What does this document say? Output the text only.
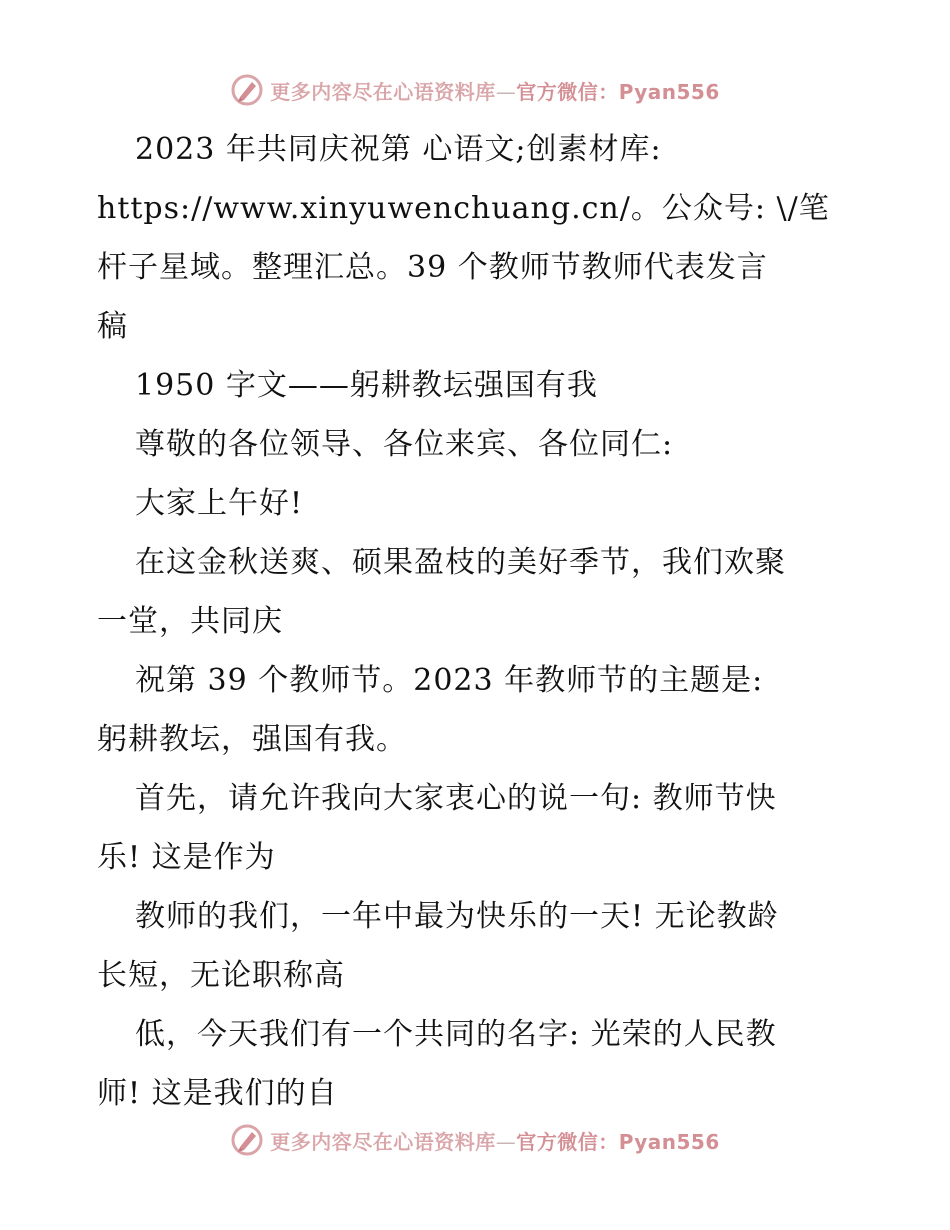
更多内容尽在心语资料库—官方微信：Pyan556
2023 年共同庆祝第 心语文;创素材库:
https://www.xinyuwenchuang.cn/。公众号: \/笔
杆子星域。整理汇总。39 个教师节教师代表发言
稿
1950 字文——躬耕教坛强国有我
尊敬的各位领导、各位来宾、各位同仁:
大家上午好!
在这金秋送爽、硕果盈枝的美好季节，我们欢聚
一堂，共同庆
祝第 39 个教师节。2023 年教师节的主题是:
躬耕教坛，强国有我。
首先，请允许我向大家衷心的说一句: 教师节快
乐! 这是作为
教师的我们，一年中最为快乐的一天! 无论教龄
长短，无论职称高
低，今天我们有一个共同的名字: 光荣的人民教
师! 这是我们的自
更多内容尽在心语资料库—官方微信：Pyan556
